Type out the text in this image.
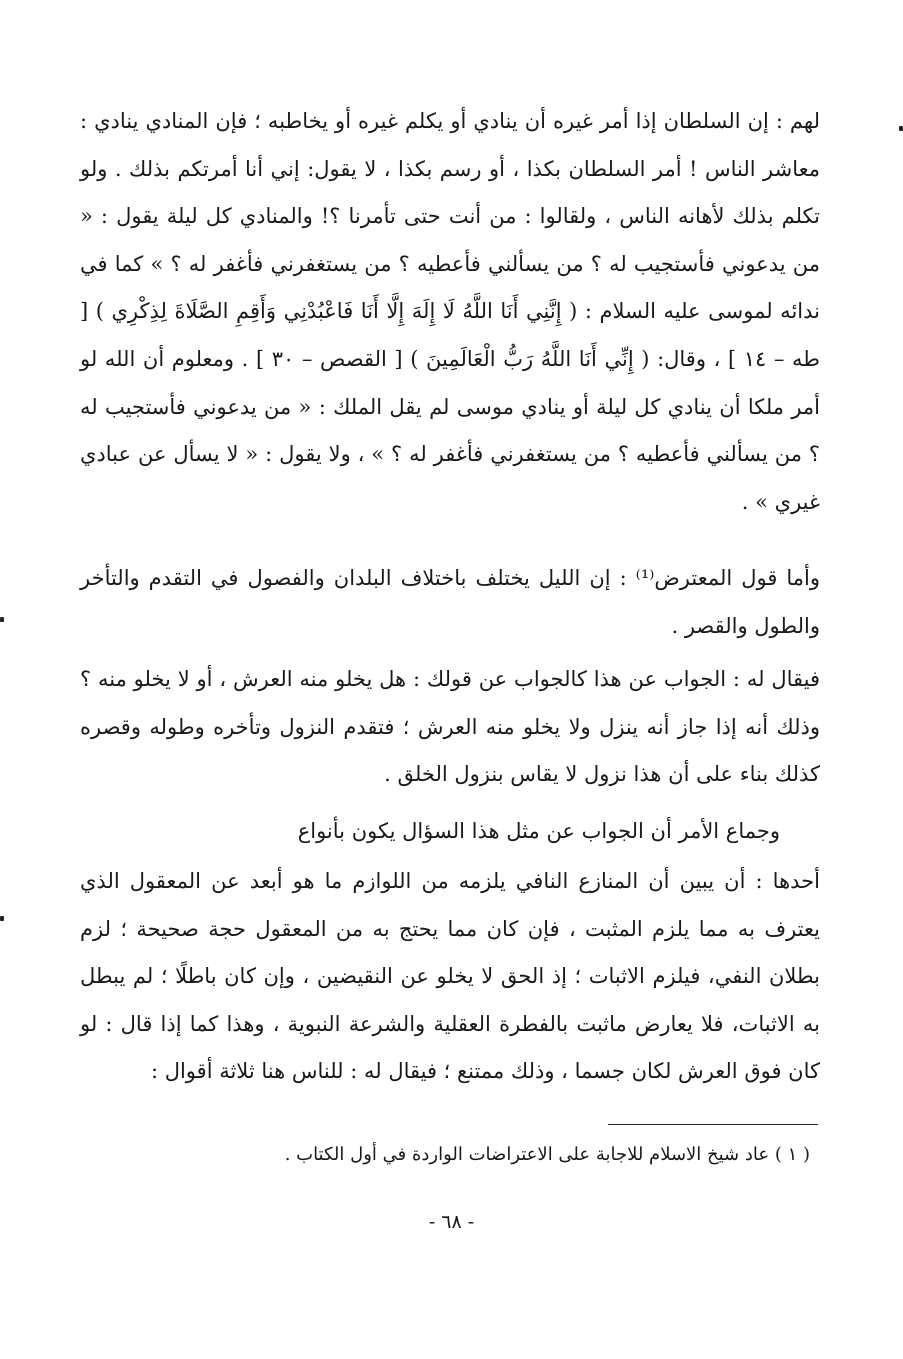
لهم : إن السلطان إذا أمر غيره أن ينادي أو يكلم غيره أو يخاطبه ؛ فإن المنادي ينادي : معاشر الناس ! أمر السلطان بكذا ، أو رسم بكذا ، لا يقول: إني أنا أمرتكم بذلك . ولو تكلم بذلك لأهانه الناس ، ولقالوا : من أنت حتى تأمرنا ؟! والمنادي كل ليلة يقول : « من يدعوني فأستجيب له ؟ من يسألني فأعطيه ؟ من يستغفرني فأغفر له ؟ » كما في ندائه لموسى عليه السلام : ( إِنَّنِي أَنَا اللَّهُ لَا إِلَهَ إِلَّا أَنَا فَاعْبُدْنِي وَأَقِمِ الصَّلَاةَ لِذِكْرِي ) [ طه – ١٤ ] ، وقال: ( إِنِّي أَنَا اللَّهُ رَبُّ الْعَالَمِينَ ) [ القصص – ٣٠ ] . ومعلوم أن الله لو أمر ملكا أن ينادي كل ليلة أو ينادي موسى لم يقل الملك : « من يدعوني فأستجيب له ؟ من يسألني فأعطيه ؟ من يستغفرني فأغفر له ؟ » ، ولا يقول : « لا يسأل عن عبادي غيري » .

وأما قول المعترض⁽¹⁾ : إن الليل يختلف باختلاف البلدان والفصول في التقدم والتأخر والطول والقصر .

فيقال له : الجواب عن هذا كالجواب عن قولك : هل يخلو منه العرش ، أو لا يخلو منه ؟ وذلك أنه إذا جاز أنه ينزل ولا يخلو منه العرش ؛ فتقدم النزول وتأخره وطوله وقصره كذلك بناء على أن هذا نزول لا يقاس بنزول الخلق .

وجماع الأمر أن الجواب عن مثل هذا السؤال يكون بأنواع

أحدها : أن يبين أن المنازع النافي يلزمه من اللوازم ما هو أبعد عن المعقول الذي يعترف به مما يلزم المثبت ، فإن كان مما يحتج به من المعقول حجة صحيحة ؛ لزم بطلان النفي، فيلزم الاثبات ؛ إذ الحق لا يخلو عن النقيضين ، وإن كان باطلًا ؛ لم يبطل به الاثبات، فلا يعارض ماثبت بالفطرة العقلية والشرعة النبوية ، وهذا كما إذا قال : لو كان فوق العرش لكان جسما ، وذلك ممتنع ؛ فيقال له : للناس هنا ثلاثة أقوال :

( ١ ) عاد شيخ الاسلام للاجابة على الاعتراضات الواردة في أول الكتاب .
- ٦٨ -
